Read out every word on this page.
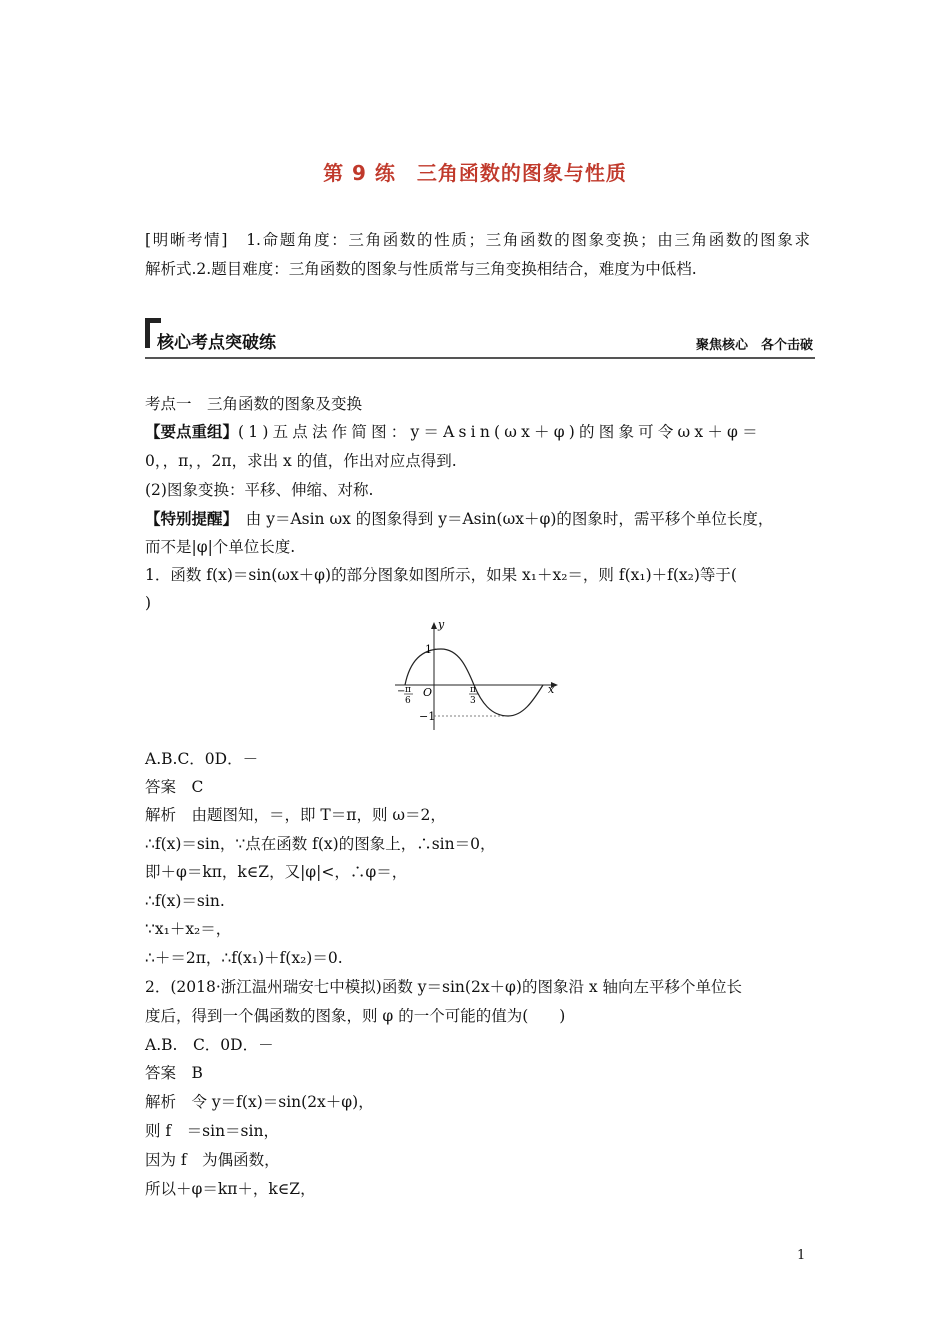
第 9 练　三角函数的图象与性质
[明晰考情]　1.命题角度：三角函数的性质；三角函数的图象变换；由三角函数的图象求
解析式.2.题目难度：三角函数的图象与性质常与三角变换相结合，难度为中低档.
核心考点突破练	聚焦核心　各个击破
考点一　三角函数的图象及变换
【要点重组】(1)五点法作简图：y＝Asin(ωx＋φ)的图象可令ωx＋φ＝
0，，π，，2π，求出 x 的值，作出对应点得到.
(2)图象变换：平移、伸缩、对称.
【特别提醒】　由 y＝Asin ωx 的图象得到 y＝Asin(ωx＋φ)的图象时，需平移个单位长度，
而不是|φ|个单位长度.
1．函数 f(x)＝sin(ωx＋φ)的部分图象如图所示，如果 x₁＋x₂＝，则 f(x₁)＋f(x₂)等于(
)
y
x
O
1
−1
− π
6
π
3
A.B.C．0D．－
答案　C
解析　由题图知，＝，即 T＝π，则 ω＝2，
∴f(x)＝sin，∵点在函数 f(x)的图象上，∴sin＝0，
即＋φ＝kπ，k∈Z，又|φ|<，∴φ＝，
∴f(x)＝sin.
∵x₁＋x₂＝，
∴＋＝2π，∴f(x₁)＋f(x₂)＝0.
2．(2018·浙江温州瑞安七中模拟)函数 y＝sin(2x＋φ)的图象沿 x 轴向左平移个单位长
度后，得到一个偶函数的图象，则 φ 的一个可能的值为(　　)
A.B.　C．0D．－
答案　B
解析　令 y＝f(x)＝sin(2x＋φ)，
则 f　＝sin＝sin，
因为 f　为偶函数，
所以＋φ＝kπ＋，k∈Z，
1
